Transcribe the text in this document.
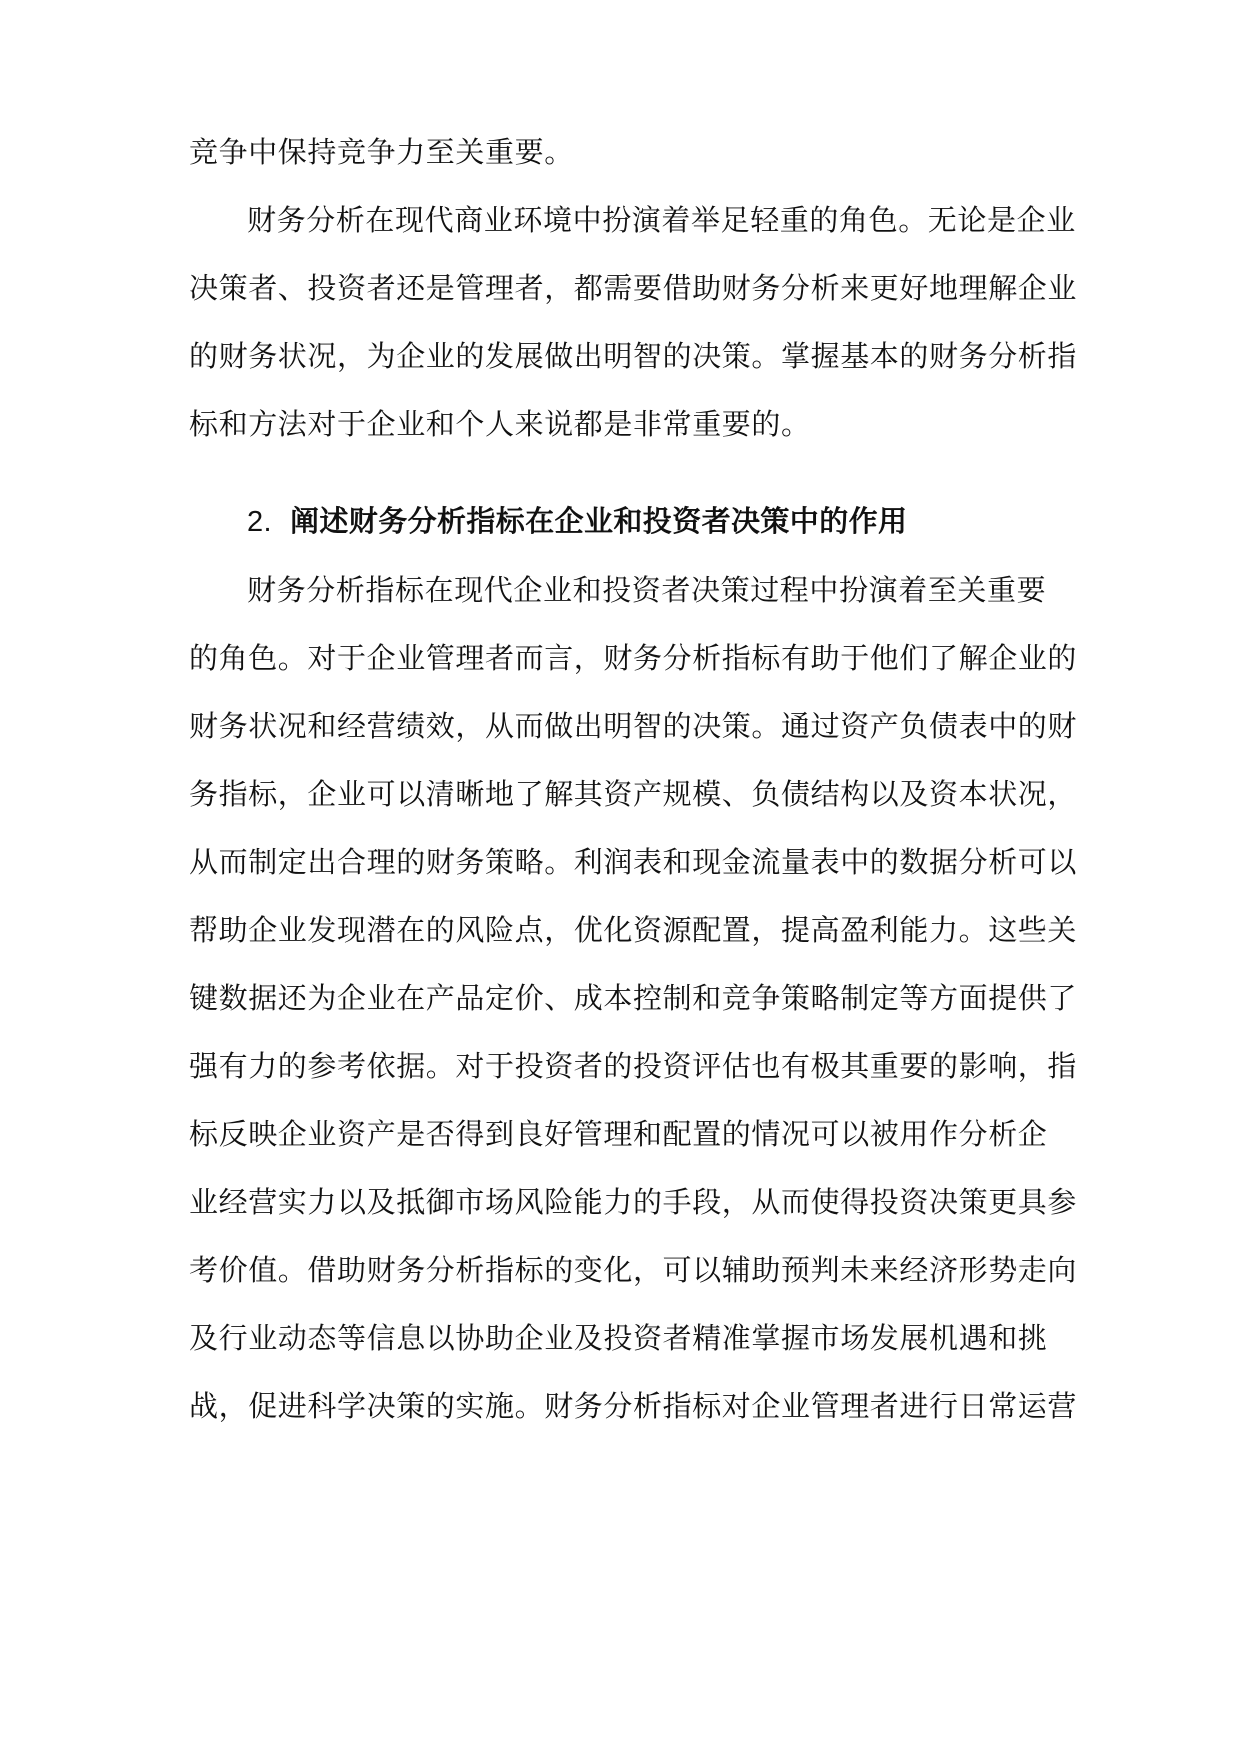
竞争中保持竞争力至关重要。
财务分析在现代商业环境中扮演着举足轻重的角色。无论是企业
决策者、投资者还是管理者，都需要借助财务分析来更好地理解企业
的财务状况，为企业的发展做出明智的决策。掌握基本的财务分析指
标和方法对于企业和个人来说都是非常重要的。
2. 阐述财务分析指标在企业和投资者决策中的作用
财务分析指标在现代企业和投资者决策过程中扮演着至关重要
的角色。对于企业管理者而言，财务分析指标有助于他们了解企业的
财务状况和经营绩效，从而做出明智的决策。通过资产负债表中的财
务指标，企业可以清晰地了解其资产规模、负债结构以及资本状况，
从而制定出合理的财务策略。利润表和现金流量表中的数据分析可以
帮助企业发现潜在的风险点，优化资源配置，提高盈利能力。这些关
键数据还为企业在产品定价、成本控制和竞争策略制定等方面提供了
强有力的参考依据。对于投资者的投资评估也有极其重要的影响，指
标反映企业资产是否得到良好管理和配置的情况可以被用作分析企
业经营实力以及抵御市场风险能力的手段，从而使得投资决策更具参
考价值。借助财务分析指标的变化，可以辅助预判未来经济形势走向
及行业动态等信息以协助企业及投资者精准掌握市场发展机遇和挑
战，促进科学决策的实施。财务分析指标对企业管理者进行日常运营
